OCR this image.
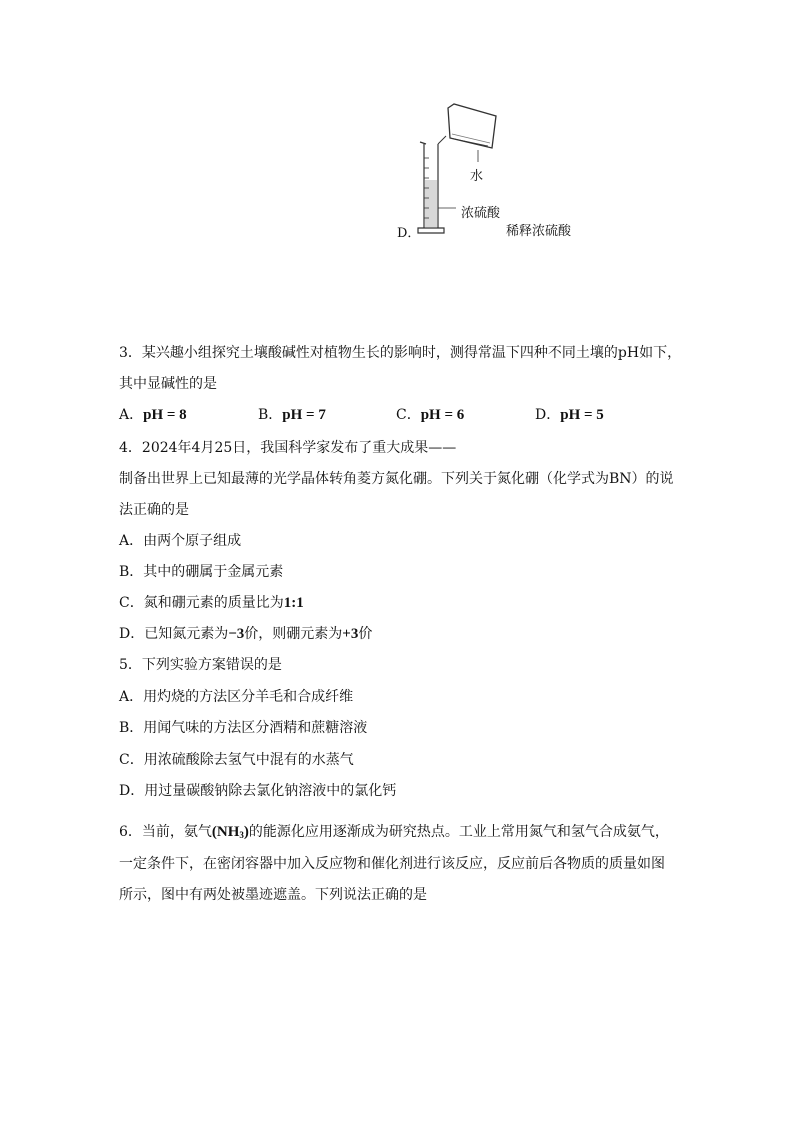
水
浓硫酸
D．	稀释浓硫酸
3．某兴趣小组探究土壤酸碱性对植物生长的影响时，测得常温下四种不同土壤的pH如下，
其中显碱性的是
A．pH = 8	B．pH = 7	C．pH = 6	D．pH = 5
4．2024年4月25日，我国科学家发布了重大成果——
制备出世界上已知最薄的光学晶体转角菱方氮化硼。下列关于氮化硼（化学式为BN）的说
法正确的是
A．由两个原子组成
B．其中的硼属于金属元素
C．氮和硼元素的质量比为1:1
D．已知氮元素为−3价，则硼元素为+3价
5．下列实验方案错误的是
A．用灼烧的方法区分羊毛和合成纤维
B．用闻气味的方法区分酒精和蔗糖溶液
C．用浓硫酸除去氢气中混有的水蒸气
D．用过量碳酸钠除去氯化钠溶液中的氯化钙
6．当前，氨气$(NH_3)$的能源化应用逐渐成为研究热点。工业上常用氮气和氢气合成氨气，
一定条件下，在密闭容器中加入反应物和催化剂进行该反应，反应前后各物质的质量如图
所示，图中有两处被墨迹遮盖。下列说法正确的是
